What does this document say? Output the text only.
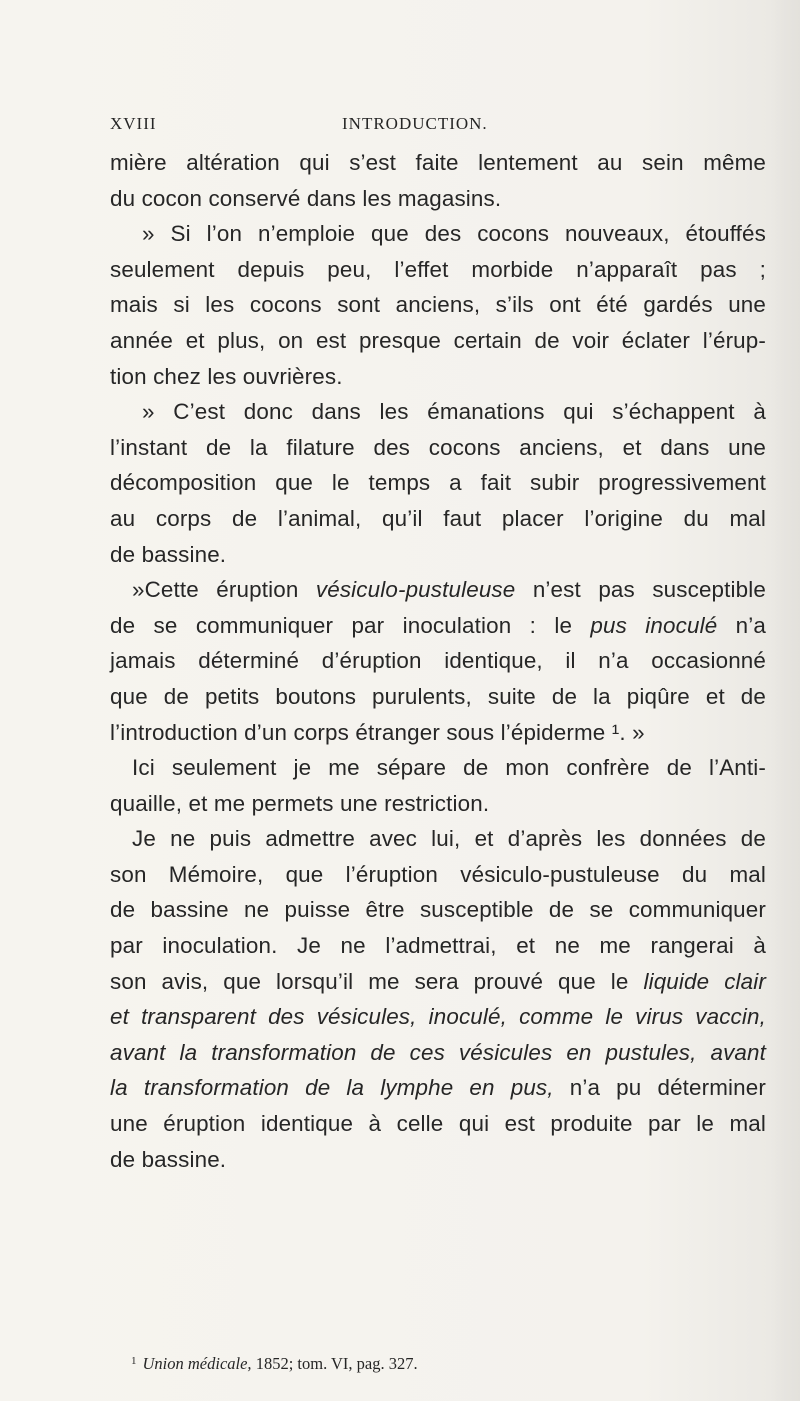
XVIII	INTRODUCTION.
mière altération qui s’est faite lentement au sein même
du cocon conservé dans les magasins.
» Si l’on n’emploie que des cocons nouveaux, étouffés
seulement depuis peu, l’effet morbide n’apparaît pas ;
mais si les cocons sont anciens, s’ils ont été gardés une
année et plus, on est presque certain de voir éclater l’érup-
tion chez les ouvrières.
» C’est donc dans les émanations qui s’échappent à
l’instant de la filature des cocons anciens, et dans une
décomposition que le temps a fait subir progressivement
au corps de l’animal, qu’il faut placer l’origine du mal
de bassine.
»Cette éruption vésiculo-pustuleuse n’est pas susceptible
de se communiquer par inoculation : le pus inoculé n’a
jamais déterminé d’éruption identique, il n’a occasionné
que de petits boutons purulents, suite de la piqûre et de
l’introduction d’un corps étranger sous l’épiderme ¹. »
Ici seulement je me sépare de mon confrère de l’Anti-
quaille, et me permets une restriction.
Je ne puis admettre avec lui, et d’après les données de
son Mémoire, que l’éruption vésiculo-pustuleuse du mal
de bassine ne puisse être susceptible de se communiquer
par inoculation. Je ne l’admettrai, et ne me rangerai à
son avis, que lorsqu’il me sera prouvé que le liquide clair
et transparent des vésicules, inoculé, comme le virus vaccin,
avant la transformation de ces vésicules en pustules, avant
la transformation de la lymphe en pus, n’a pu déterminer
une éruption identique à celle qui est produite par le mal
de bassine.
$^1$ Union médicale, 1852; tom. VI, pag. 327.
